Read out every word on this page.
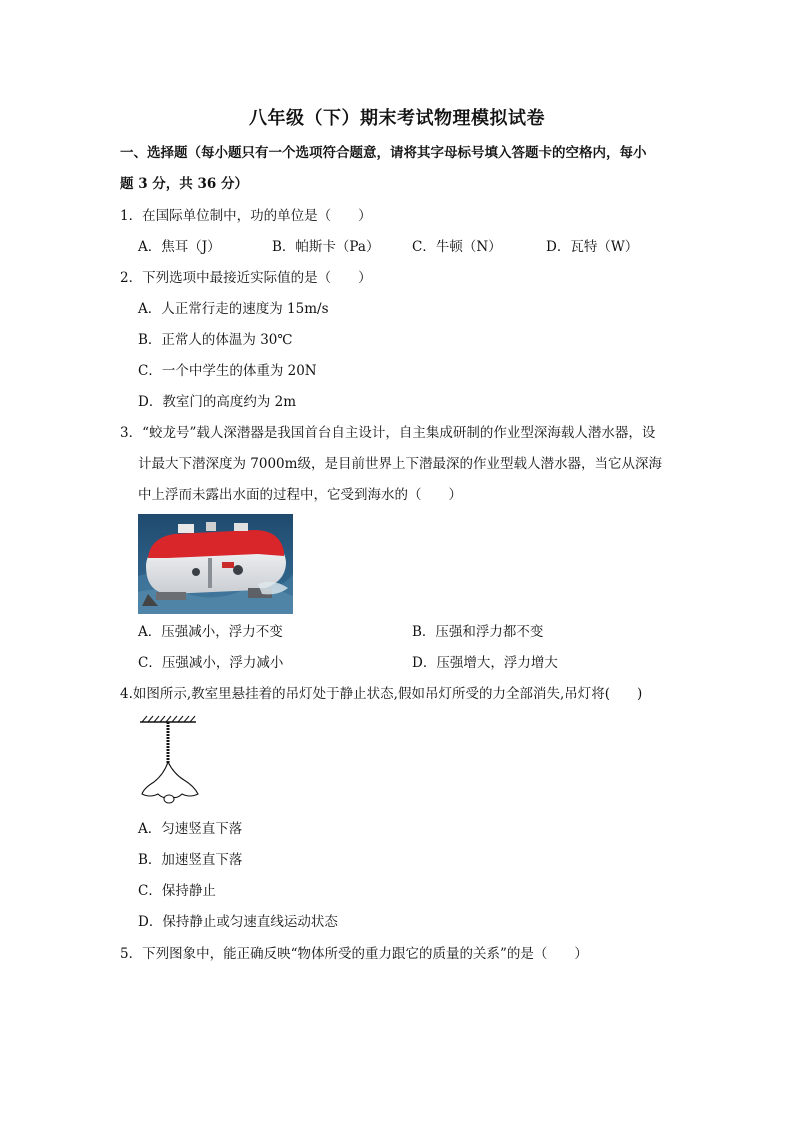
八年级（下）期末考试物理模拟试卷
一、选择题（每小题只有一个选项符合题意，请将其字母标号填入答题卡的空格内，每小
题 3 分，共 36 分）
1．在国际单位制中，功的单位是（　　）
A．焦耳（J）	B．帕斯卡（Pa） C．牛顿（N）	D．瓦特（W）
2．下列选项中最接近实际值的是（　　）
A．人正常行走的速度为 15m/s
B．正常人的体温为 30℃
C．一个中学生的体重为 20N
D．教室门的高度约为 2m
3．“蛟龙号”载人深潜器是我国首台自主设计，自主集成研制的作业型深海载人潜水器，设
计最大下潜深度为 7000m级，是目前世界上下潜最深的作业型载人潜水器，当它从深海
中上浮而未露出水面的过程中，它受到海水的（　　）
A．压强减小，浮力不变	B．压强和浮力都不变
C．压强减小，浮力减小	D．压强增大，浮力增大
4.如图所示,教室里悬挂着的吊灯处于静止状态,假如吊灯所受的力全部消失,吊灯将(　　)
A．匀速竖直下落
B．加速竖直下落
C．保持静止
D．保持静止或匀速直线运动状态
5．下列图象中，能正确反映“物体所受的重力跟它的质量的关系”的是（　　）
